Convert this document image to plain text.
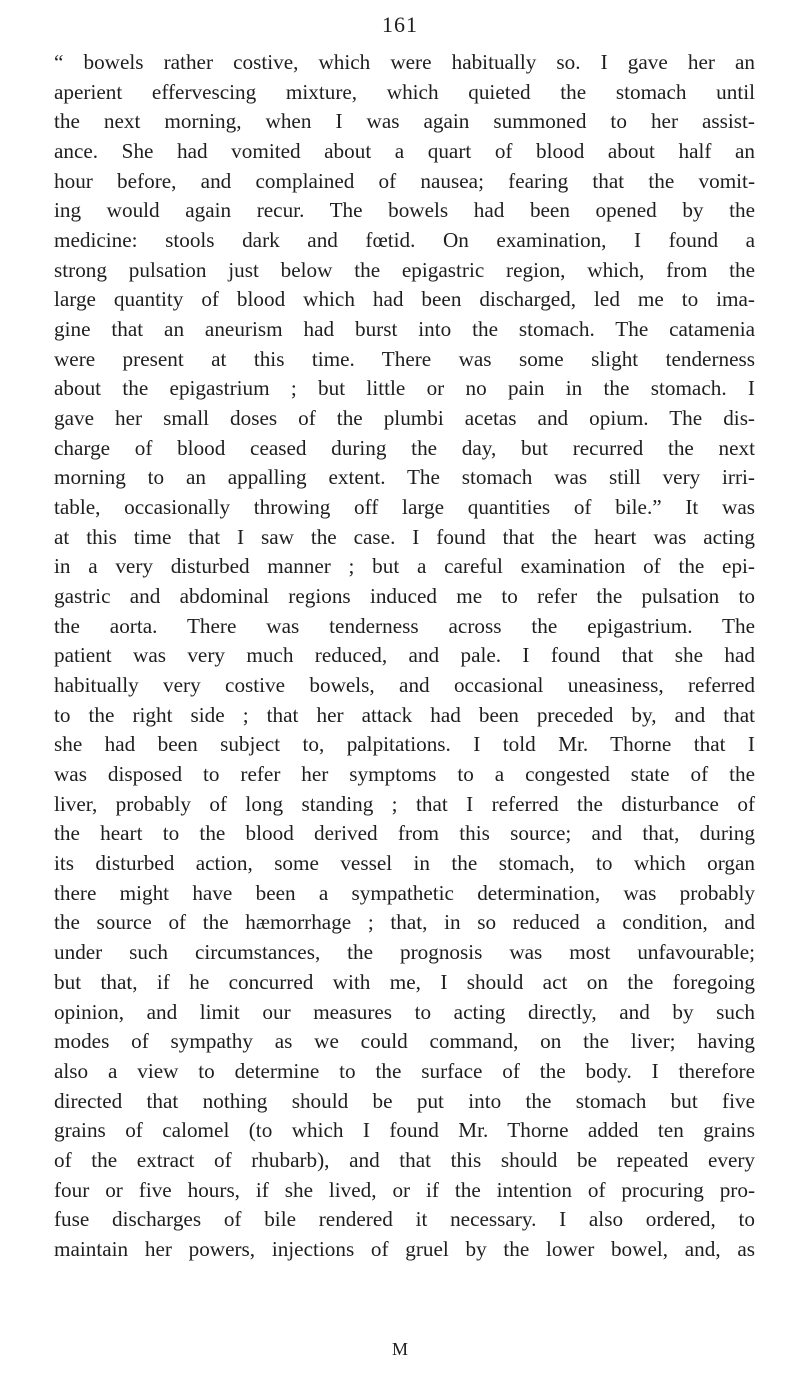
161
“ bowels rather costive, which were habitually so. I gave her an
aperient effervescing mixture, which quieted the stomach until
the next morning, when I was again summoned to her assist-
ance. She had vomited about a quart of blood about half an
hour before, and complained of nausea; fearing that the vomit-
ing would again recur. The bowels had been opened by the
medicine: stools dark and fœtid. On examination, I found a
strong pulsation just below the epigastric region, which, from the
large quantity of blood which had been discharged, led me to ima-
gine that an aneurism had burst into the stomach. The catamenia
were present at this time. There was some slight tenderness
about the epigastrium ; but little or no pain in the stomach. I
gave her small doses of the plumbi acetas and opium. The dis-
charge of blood ceased during the day, but recurred the next
morning to an appalling extent. The stomach was still very irri-
table, occasionally throwing off large quantities of bile.” It was
at this time that I saw the case. I found that the heart was acting
in a very disturbed manner ; but a careful examination of the epi-
gastric and abdominal regions induced me to refer the pulsation to
the aorta. There was tenderness across the epigastrium. The
patient was very much reduced, and pale. I found that she had
habitually very costive bowels, and occasional uneasiness, referred
to the right side ; that her attack had been preceded by, and that
she had been subject to, palpitations. I told Mr. Thorne that I
was disposed to refer her symptoms to a congested state of the
liver, probably of long standing ; that I referred the disturbance of
the heart to the blood derived from this source; and that, during
its disturbed action, some vessel in the stomach, to which organ
there might have been a sympathetic determination, was probably
the source of the hæmorrhage ; that, in so reduced a condition, and
under such circumstances, the prognosis was most unfavourable;
but that, if he concurred with me, I should act on the foregoing
opinion, and limit our measures to acting directly, and by such
modes of sympathy as we could command, on the liver; having
also a view to determine to the surface of the body. I therefore
directed that nothing should be put into the stomach but five
grains of calomel (to which I found Mr. Thorne added ten grains
of the extract of rhubarb), and that this should be repeated every
four or five hours, if she lived, or if the intention of procuring pro-
fuse discharges of bile rendered it necessary. I also ordered, to
maintain her powers, injections of gruel by the lower bowel, and, as
M
